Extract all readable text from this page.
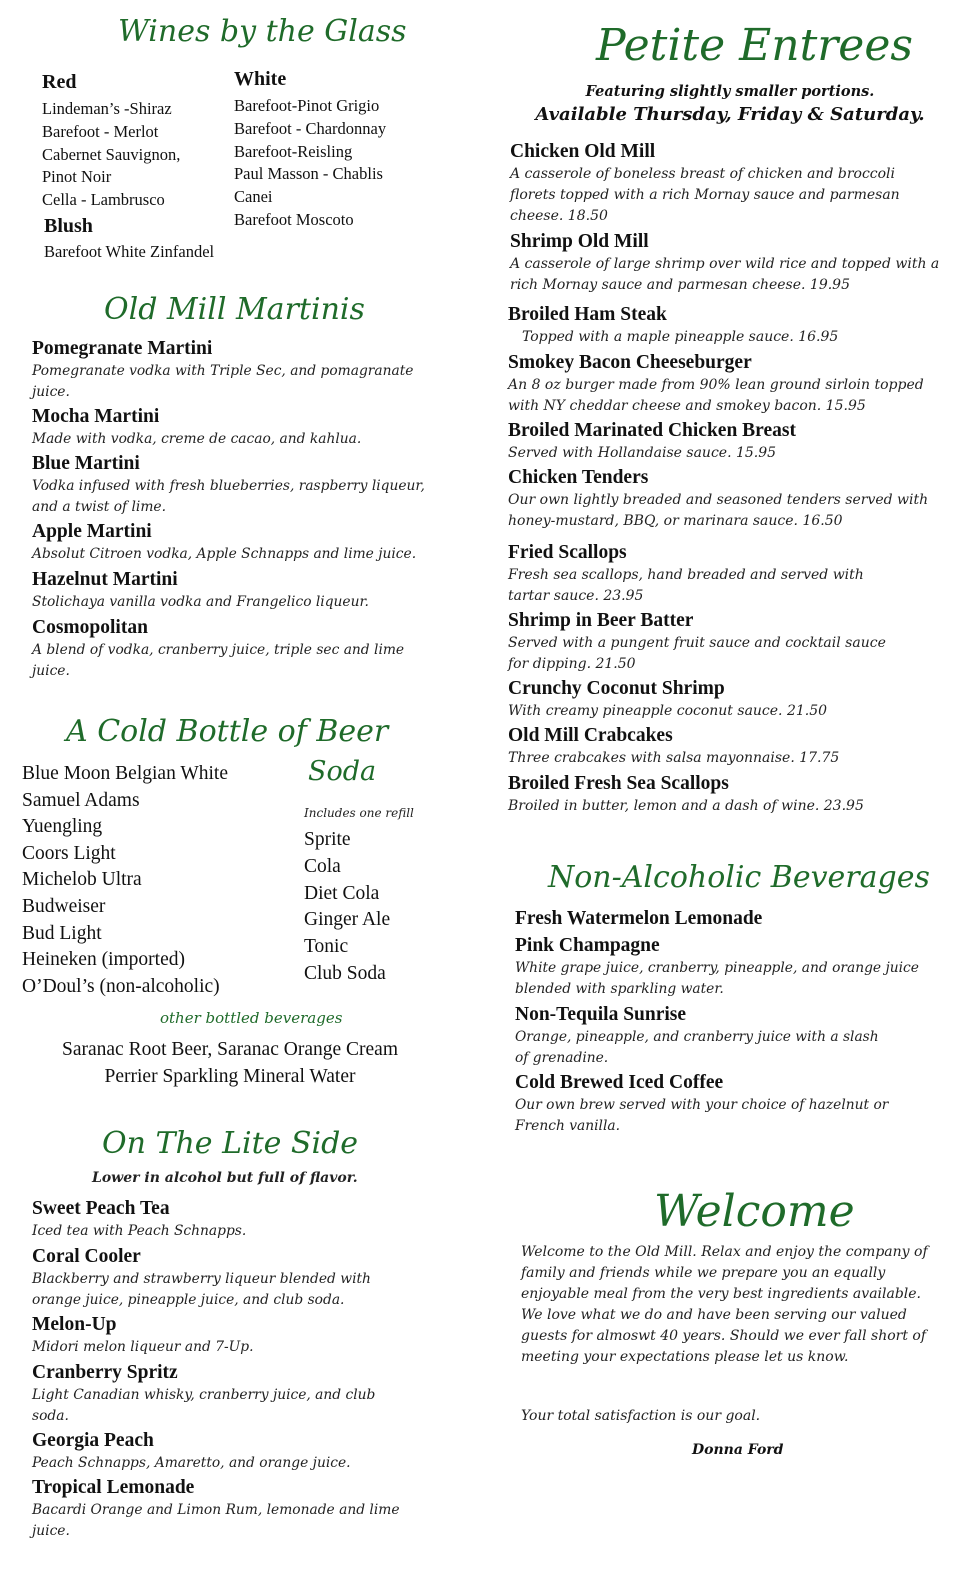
Wines by the Glass
Red
Lindeman’s -Shiraz
Barefoot - Merlot
Cabernet Sauvignon,
Pinot Noir
Cella - Lambrusco
Blush
Barefoot White Zinfandel
White
Barefoot-Pinot Grigio
Barefoot - Chardonnay
Barefoot-Reisling
Paul Masson - Chablis
Canei
Barefoot Moscoto
Old Mill Martinis
Pomegranate Martini
Pomegranate vodka with Triple Sec, and pomagranate juice.
Mocha Martini
Made with vodka, creme de cacao, and kahlua.
Blue Martini
Vodka infused with fresh blueberries, raspberry liqueur, and a twist of lime.
Apple Martini
Absolut Citroen vodka, Apple Schnapps and lime juice.
Hazelnut Martini
Stolichaya vanilla vodka and Frangelico liqueur.
Cosmopolitan
A blend of vodka, cranberry juice, triple sec and lime juice.
A Cold Bottle of Beer
Blue Moon Belgian White
Samuel Adams
Yuengling
Coors Light
Michelob Ultra
Budweiser
Bud Light
Heineken (imported)
O’Doul’s (non-alcoholic)
Soda
Includes one refill
Sprite
Cola
Diet Cola
Ginger Ale
Tonic
Club Soda
other bottled beverages
Saranac Root Beer, Saranac Orange Cream
Perrier Sparkling Mineral Water
On The Lite Side
Lower in alcohol but full of flavor.
Sweet Peach Tea
Iced tea with Peach Schnapps.
Coral Cooler
Blackberry and strawberry liqueur blended with orange juice, pineapple juice, and club soda.
Melon-Up
Midori melon liqueur and 7-Up.
Cranberry Spritz
Light Canadian whisky, cranberry juice, and club soda.
Georgia Peach
Peach Schnapps, Amaretto, and orange juice.
Tropical Lemonade
Bacardi Orange and Limon Rum, lemonade and lime juice.
Petite Entrees
Featuring slightly smaller portions.
Available Thursday, Friday & Saturday.
Chicken Old Mill
A casserole of boneless breast of chicken and broccoli florets topped with a rich Mornay sauce and parmesan cheese. 18.50
Shrimp Old Mill
A casserole of large shrimp over wild rice and topped with a rich Mornay sauce and parmesan cheese. 19.95
Broiled Ham Steak
Topped with a maple pineapple sauce. 16.95
Smokey Bacon Cheeseburger
An 8 oz burger made from 90% lean ground sirloin topped with NY cheddar cheese and smokey bacon. 15.95
Broiled Marinated Chicken Breast
Served with Hollandaise sauce. 15.95
Chicken Tenders
Our own lightly breaded and seasoned tenders served with honey-mustard, BBQ, or marinara sauce. 16.50
Fried Scallops
Fresh sea scallops, hand breaded and served with tartar sauce. 23.95
Shrimp in Beer Batter
Served with a pungent fruit sauce and cocktail sauce for dipping. 21.50
Crunchy Coconut Shrimp
With creamy pineapple coconut sauce. 21.50
Old Mill Crabcakes
Three crabcakes with salsa mayonnaise. 17.75
Broiled Fresh Sea Scallops
Broiled in butter, lemon and a dash of wine. 23.95
Non-Alcoholic Beverages
Fresh Watermelon Lemonade
Pink Champagne
White grape juice, cranberry, pineapple, and orange juice blended with sparkling water.
Non-Tequila Sunrise
Orange, pineapple, and cranberry juice with a slash of grenadine.
Cold Brewed Iced Coffee
Our own brew served with your choice of hazelnut or French vanilla.
Welcome
Welcome to the Old Mill. Relax and enjoy the company of family and friends while we prepare you an equally enjoyable meal from the very best ingredients available. We love what we do and have been serving our valued guests for almoswt 40 years. Should we ever fall short of meeting your expectations please let us know.
Your total satisfaction is our goal.
Donna Ford
